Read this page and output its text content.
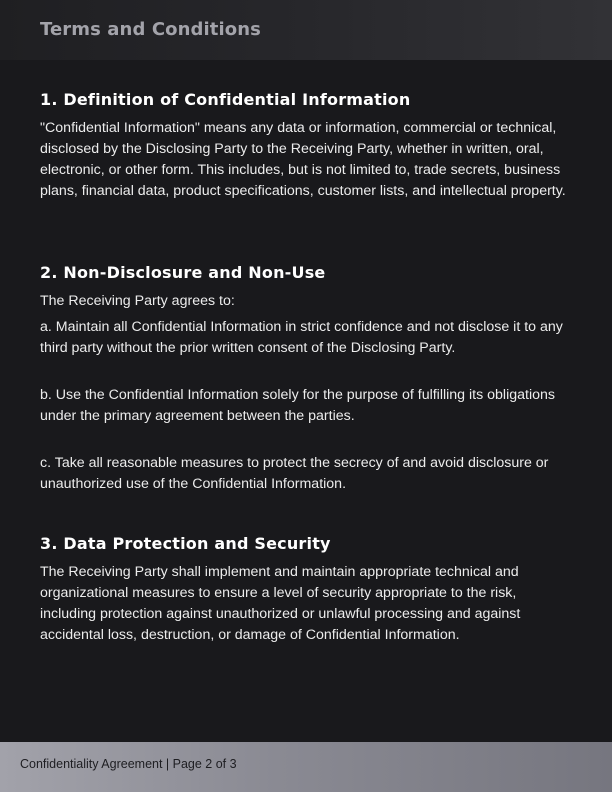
Terms and Conditions
1. Definition of Confidential Information

"Confidential Information" means any data or information, commercial or technical, disclosed by the Disclosing Party to the Receiving Party, whether in written, oral, electronic, or other form. This includes, but is not limited to, trade secrets, business plans, financial data, product specifications, customer lists, and intellectual property.

2. Non-Disclosure and Non-Use

The Receiving Party agrees to:

a. Maintain all Confidential Information in strict confidence and not disclose it to any third party without the prior written consent of the Disclosing Party.

b. Use the Confidential Information solely for the purpose of fulfilling its obligations under the primary agreement between the parties.

c. Take all reasonable measures to protect the secrecy of and avoid disclosure or unauthorized use of the Confidential Information.

3. Data Protection and Security

The Receiving Party shall implement and maintain appropriate technical and organizational measures to ensure a level of security appropriate to the risk, including protection against unauthorized or unlawful processing and against accidental loss, destruction, or damage of Confidential Information.

Confidentiality Agreement | Page 2 of 3
